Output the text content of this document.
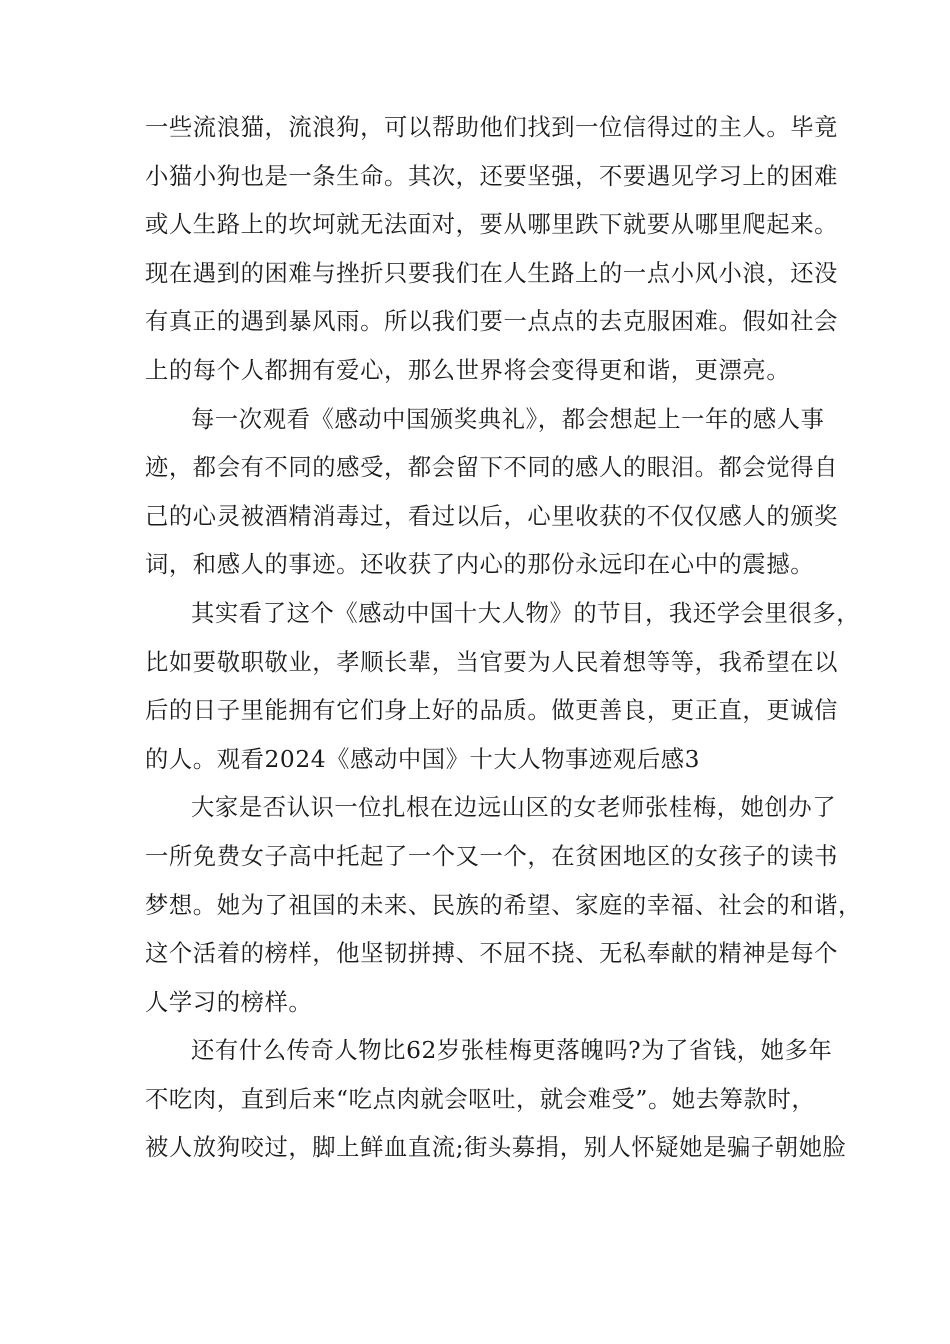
一些流浪猫，流浪狗，可以帮助他们找到一位信得过的主人。毕竟
小猫小狗也是一条生命。其次，还要坚强，不要遇见学习上的困难
或人生路上的坎坷就无法面对，要从哪里跌下就要从哪里爬起来。
现在遇到的困难与挫折只要我们在人生路上的一点小风小浪，还没
有真正的遇到暴风雨。所以我们要一点点的去克服困难。假如社会
上的每个人都拥有爱心，那么世界将会变得更和谐，更漂亮。
每一次观看《感动中国颁奖典礼》，都会想起上一年的感人事
迹，都会有不同的感受，都会留下不同的感人的眼泪。都会觉得自
己的心灵被酒精消毒过，看过以后，心里收获的不仅仅感人的颁奖
词，和感人的事迹。还收获了内心的那份永远印在心中的震撼。
其实看了这个《感动中国十大人物》的节目，我还学会里很多，
比如要敬职敬业，孝顺长辈，当官要为人民着想等等，我希望在以
后的日子里能拥有它们身上好的品质。做更善良，更正直，更诚信
的人。观看2024《感动中国》十大人物事迹观后感3
大家是否认识一位扎根在边远山区的女老师张桂梅，她创办了
一所免费女子高中托起了一个又一个，在贫困地区的女孩子的读书
梦想。她为了祖国的未来、民族的希望、家庭的幸福、社会的和谐，
这个活着的榜样，他坚韧拼搏、不屈不挠、无私奉献的精神是每个
人学习的榜样。
还有什么传奇人物比62岁张桂梅更落魄吗?为了省钱，她多年
不吃肉，直到后来“吃点肉就会呕吐，就会难受”。她去筹款时，
被人放狗咬过，脚上鲜血直流;街头募捐，别人怀疑她是骗子朝她脸
